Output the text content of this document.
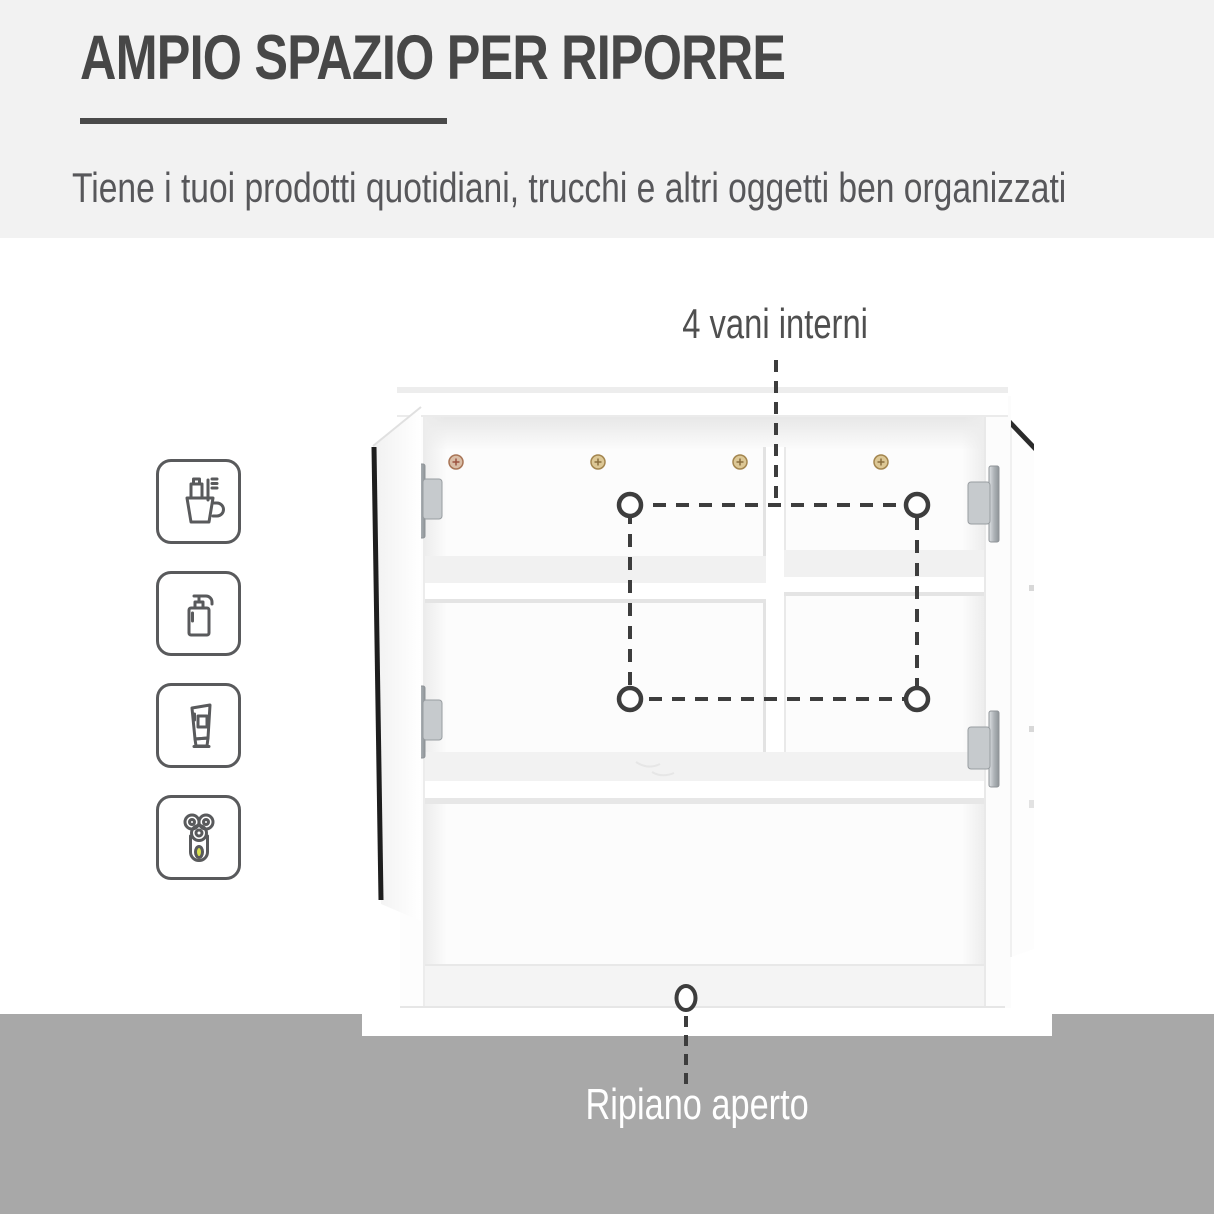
AMPIO SPAZIO PER RIPORRE
Tiene i tuoi prodotti quotidiani, trucchi e altri oggetti ben organizzati
4 vani interni
Ripiano aperto
